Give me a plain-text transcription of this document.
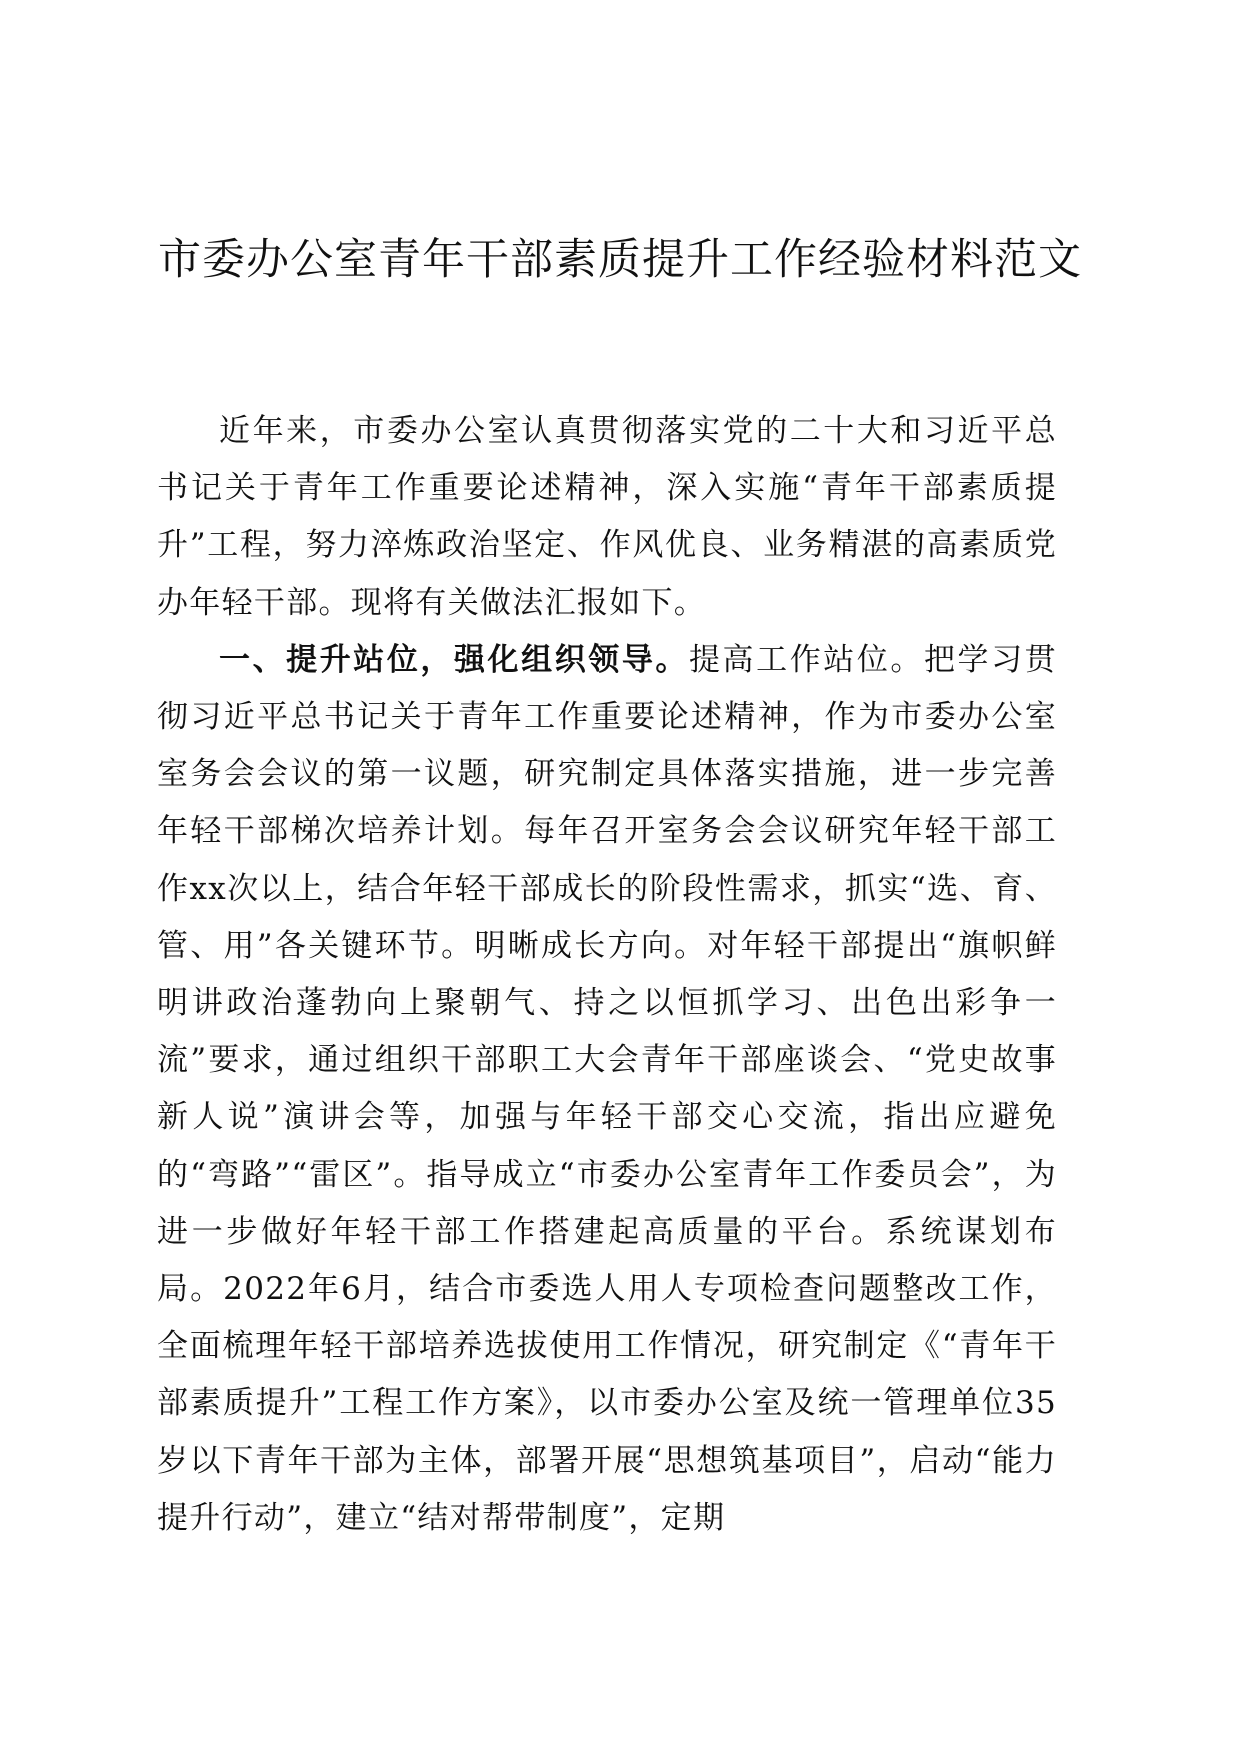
市委办公室青年干部素质提升工作经验材料范文

近年来，市委办公室认真贯彻落实党的二十大和习近平总书记关于青年工作重要论述精神，深入实施“青年干部素质提升”工程，努力淬炼政治坚定、作风优良、业务精湛的高素质党办年轻干部。现将有关做法汇报如下。

一、提升站位，强化组织领导。提高工作站位。把学习贯彻习近平总书记关于青年工作重要论述精神，作为市委办公室室务会会议的第一议题，研究制定具体落实措施，进一步完善年轻干部梯次培养计划。每年召开室务会会议研究年轻干部工作xx次以上，结合年轻干部成长的阶段性需求，抓实“选、育、管、用”各关键环节。明晰成长方向。对年轻干部提出“旗帜鲜明讲政治蓬勃向上聚朝气、持之以恒抓学习、出色出彩争一流”要求，通过组织干部职工大会青年干部座谈会、“党史故事新人说”演讲会等，加强与年轻干部交心交流，指出应避免的“弯路”“雷区”。指导成立“市委办公室青年工作委员会”，为进一步做好年轻干部工作搭建起高质量的平台。系统谋划布局。2022年6月，结合市委选人用人专项检查问题整改工作，全面梳理年轻干部培养选拔使用工作情况，研究制定《“青年干部素质提升”工程工作方案》，以市委办公室及统一管理单位35岁以下青年干部为主体，部署开展“思想筑基项目”，启动“能力提升行动”，建立“结对帮带制度”，定期
